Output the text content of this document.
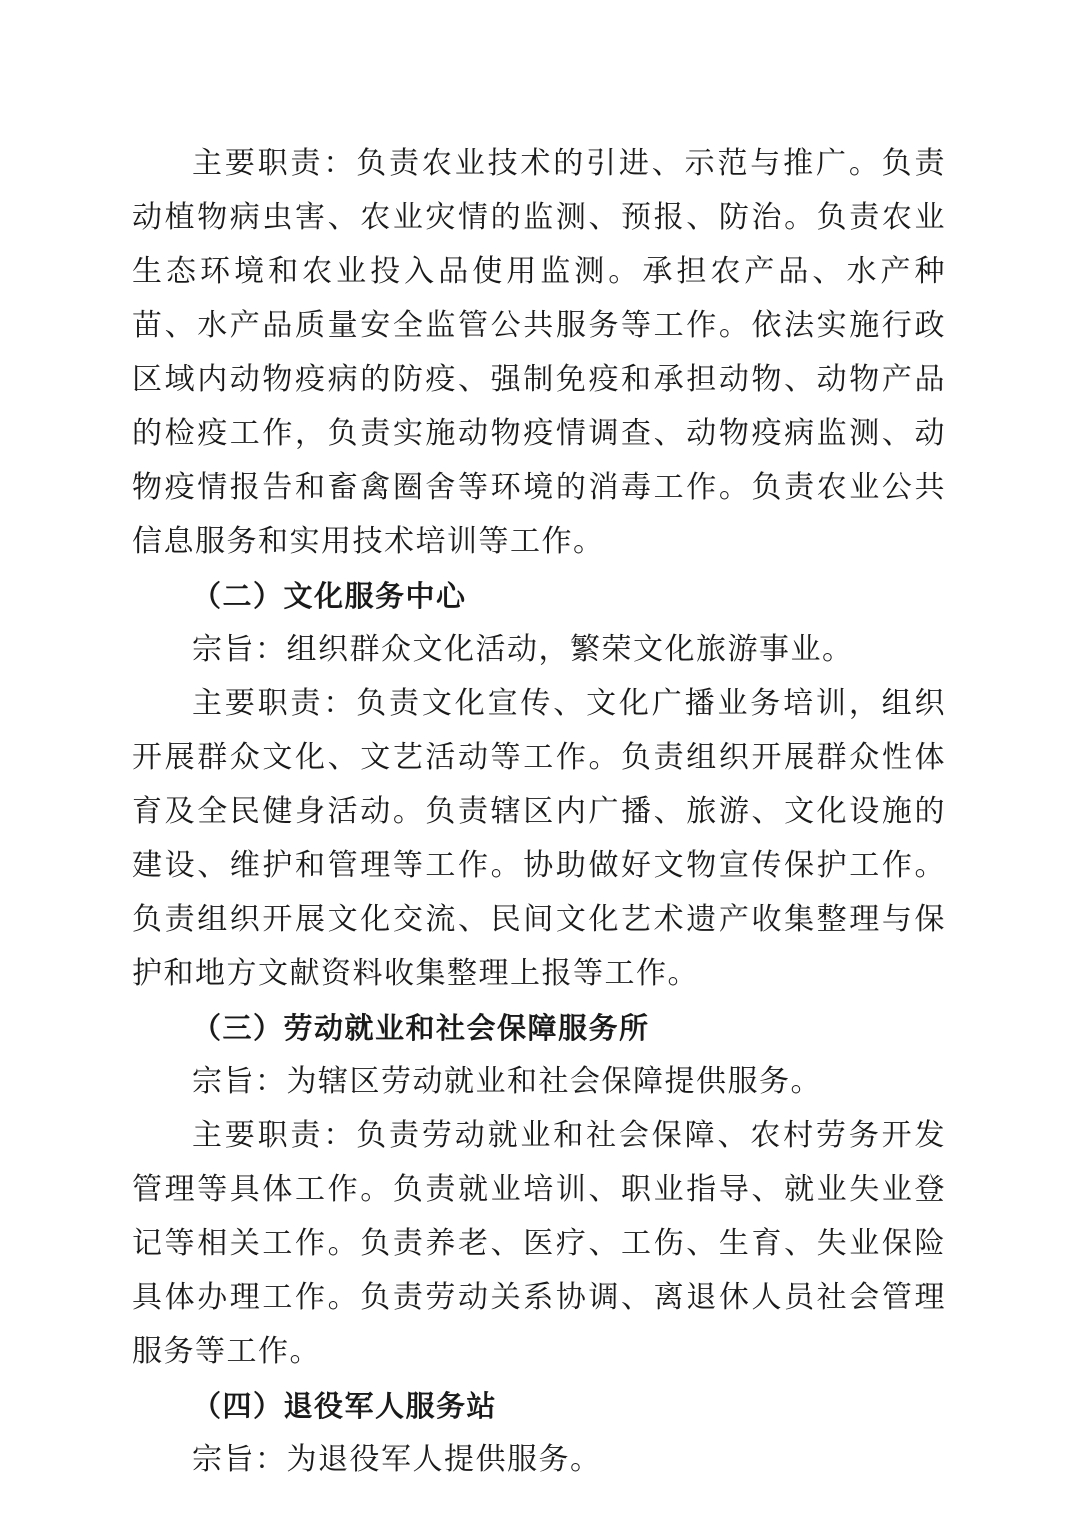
主要职责：负责农业技术的引进、示范与推广。负责动植物病虫害、农业灾情的监测、预报、防治。负责农业生态环境和农业投入品使用监测。承担农产品、水产种苗、水产品质量安全监管公共服务等工作。依法实施行政区域内动物疫病的防疫、强制免疫和承担动物、动物产品的检疫工作，负责实施动物疫情调查、动物疫病监测、动物疫情报告和畜禽圈舍等环境的消毒工作。负责农业公共信息服务和实用技术培训等工作。

（二）文化服务中心

宗旨：组织群众文化活动，繁荣文化旅游事业。

主要职责：负责文化宣传、文化广播业务培训，组织开展群众文化、文艺活动等工作。负责组织开展群众性体育及全民健身活动。负责辖区内广播、旅游、文化设施的建设、维护和管理等工作。协助做好文物宣传保护工作。负责组织开展文化交流、民间文化艺术遗产收集整理与保护和地方文献资料收集整理上报等工作。

（三）劳动就业和社会保障服务所

宗旨：为辖区劳动就业和社会保障提供服务。

主要职责：负责劳动就业和社会保障、农村劳务开发管理等具体工作。负责就业培训、职业指导、就业失业登记等相关工作。负责养老、医疗、工伤、生育、失业保险具体办理工作。负责劳动关系协调、离退休人员社会管理服务等工作。

（四）退役军人服务站

宗旨：为退役军人提供服务。
